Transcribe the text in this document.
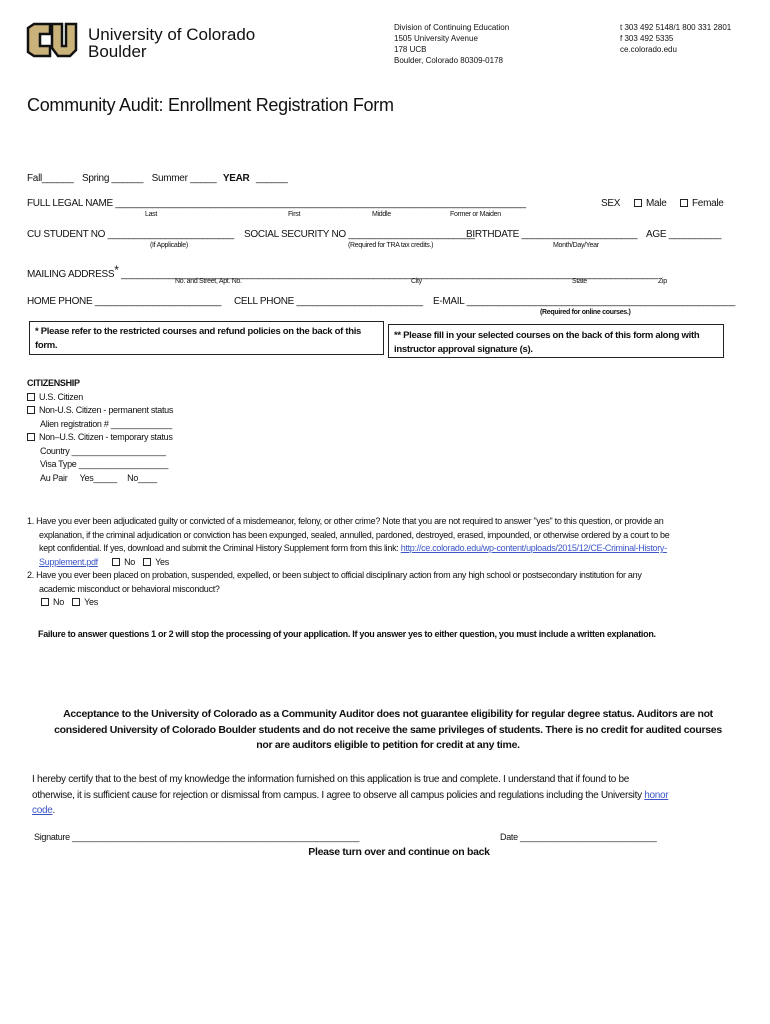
University of Colorado
Boulder
Division of Continuing Education
1505 University Avenue
178 UCB
Boulder, Colorado 80309-0178
t 303 492 5148/1 800 331 2801
f 303 492 5335
ce.colorado.edu
Community Audit: Enrollment Registration Form
Fall______ Spring ______ Summer _____ YEAR ______
FULL LEGAL NAME ______________________________________________________________________________
Last	First	Middle	Former or Maiden
SEX	Male	Female
CU STUDENT NO ________________________
(If Applicable)
SOCIAL SECURITY NO ________________________
(Required for TRA tax credits.)
BIRTHDATE ______________________
Month/Day/Year
AGE __________
MAILING ADDRESS* ______________________________________________________________________________________________________
No. and Street, Apt. No.	City	State	Zip
HOME PHONE ________________________ CELL PHONE ________________________ E-MAIL ___________________________________________________
(Required for online courses.)
* Please refer to the restricted courses and refund policies on the back of this form.
** Please fill in your selected courses on the back of this form along with instructor approval signature (s).
CITIZENSHIP
U.S. Citizen
Non-U.S. Citizen - permanent status
Alien registration # _____________
Non–U.S. Citizen - temporary status
Country ____________________
Visa Type ___________________
Au Pair Yes_____ No____
1. Have you ever been adjudicated guilty or convicted of a misdemeanor, felony, or other crime? Note that you are not required to answer "yes" to this question, or provide an
explanation, if the criminal adjudication or conviction has been expunged, sealed, annulled, pardoned, destroyed, erased, impounded, or otherwise ordered by a court to be
kept confidential. If yes, download and submit the Criminal History Supplement form from this link: http://ce.colorado.edu/wp-content/uploads/2015/12/CE-Criminal-History-
Supplement.pdf	No Yes
2. Have you ever been placed on probation, suspended, expelled, or been subject to official disciplinary action from any high school or postsecondary institution for any
academic misconduct or behavioral misconduct?
No Yes
Failure to answer questions 1 or 2 will stop the processing of your application. If you answer yes to either question, you must include a written explanation.
Acceptance to the University of Colorado as a Community Auditor does not guarantee eligibility for regular degree status. Auditors are not
considered University of Colorado Boulder students and do not receive the same privileges of students. There is no credit for audited courses
nor are auditors eligible to petition for credit at any time.
I hereby certify that to the best of my knowledge the information furnished on this application is true and complete. I understand that if found to be
otherwise, it is sufficient cause for rejection or dismissal from campus. I agree to observe all campus policies and regulations including the University honor
code.
Signature _____________________________________________________________	Date _____________________________
Please turn over and continue on back
